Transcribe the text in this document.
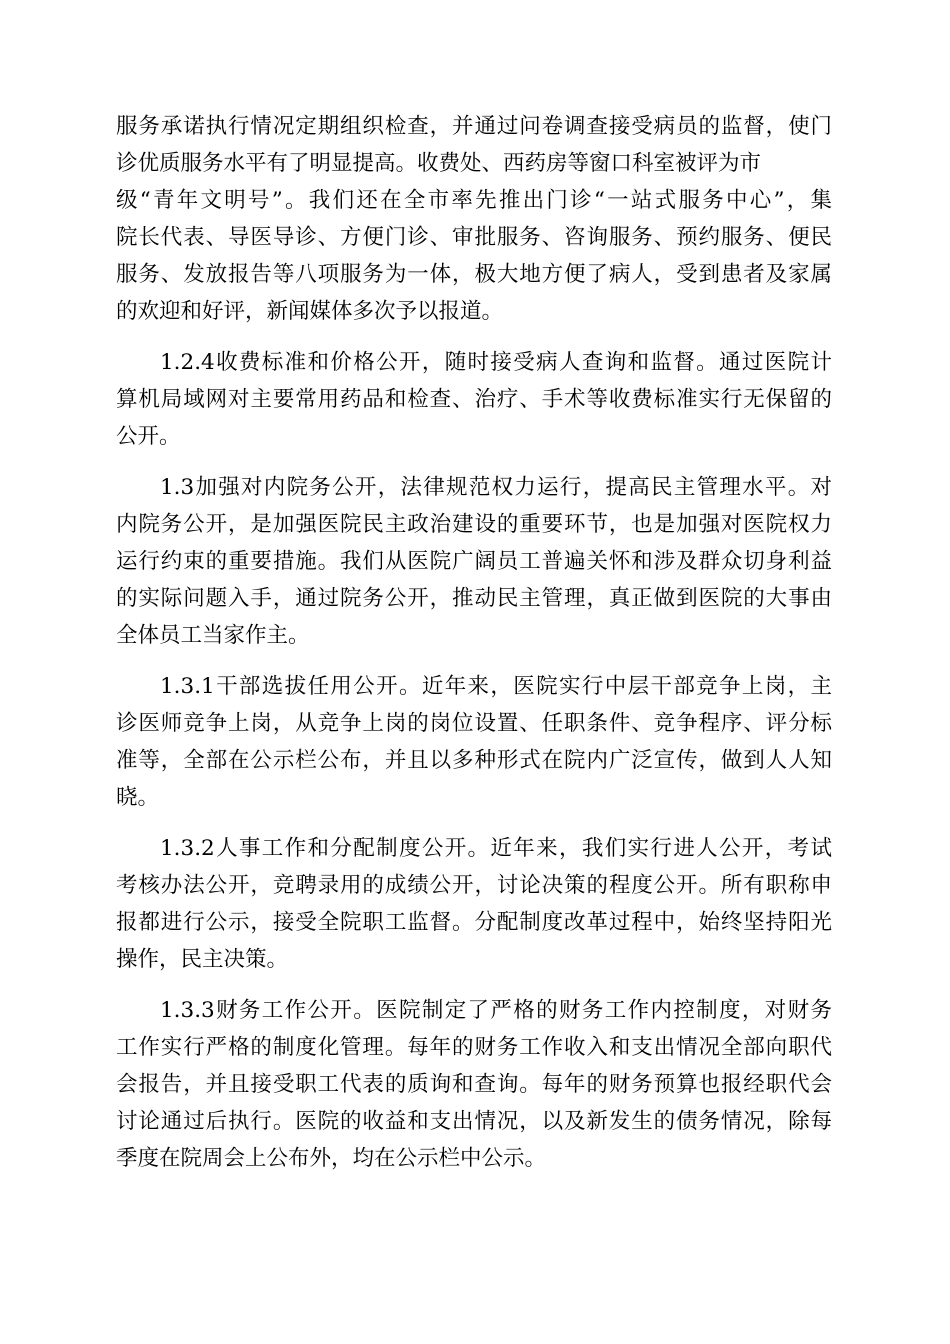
服务承诺执行情况定期组织检查，并通过问卷调查接受病员的监督，使门
诊优质服务水平有了明显提高。收费处、西药房等窗口科室被评为市
级“青年文明号”。我们还在全市率先推出门诊“一站式服务中心”，集
院长代表、导医导诊、方便门诊、审批服务、咨询服务、预约服务、便民
服务、发放报告等八项服务为一体，极大地方便了病人，受到患者及家属
的欢迎和好评，新闻媒体多次予以报道。
1.2.4收费标准和价格公开，随时接受病人查询和监督。通过医院计
算机局域网对主要常用药品和检查、治疗、手术等收费标准实行无保留的
公开。
1.3加强对内院务公开，法律规范权力运行，提高民主管理水平。对
内院务公开，是加强医院民主政治建设的重要环节，也是加强对医院权力
运行约束的重要措施。我们从医院广阔员工普遍关怀和涉及群众切身利益
的实际问题入手，通过院务公开，推动民主管理，真正做到医院的大事由
全体员工当家作主。
1.3.1干部选拔任用公开。近年来，医院实行中层干部竞争上岗，主
诊医师竞争上岗，从竞争上岗的岗位设置、任职条件、竞争程序、评分标
准等，全部在公示栏公布，并且以多种形式在院内广泛宣传，做到人人知
晓。
1.3.2人事工作和分配制度公开。近年来，我们实行进人公开，考试
考核办法公开，竞聘录用的成绩公开，讨论决策的程度公开。所有职称申
报都进行公示，接受全院职工监督。分配制度改革过程中，始终坚持阳光
操作，民主决策。
1.3.3财务工作公开。医院制定了严格的财务工作内控制度，对财务
工作实行严格的制度化管理。每年的财务工作收入和支出情况全部向职代
会报告，并且接受职工代表的质询和查询。每年的财务预算也报经职代会
讨论通过后执行。医院的收益和支出情况，以及新发生的债务情况，除每
季度在院周会上公布外，均在公示栏中公示。
